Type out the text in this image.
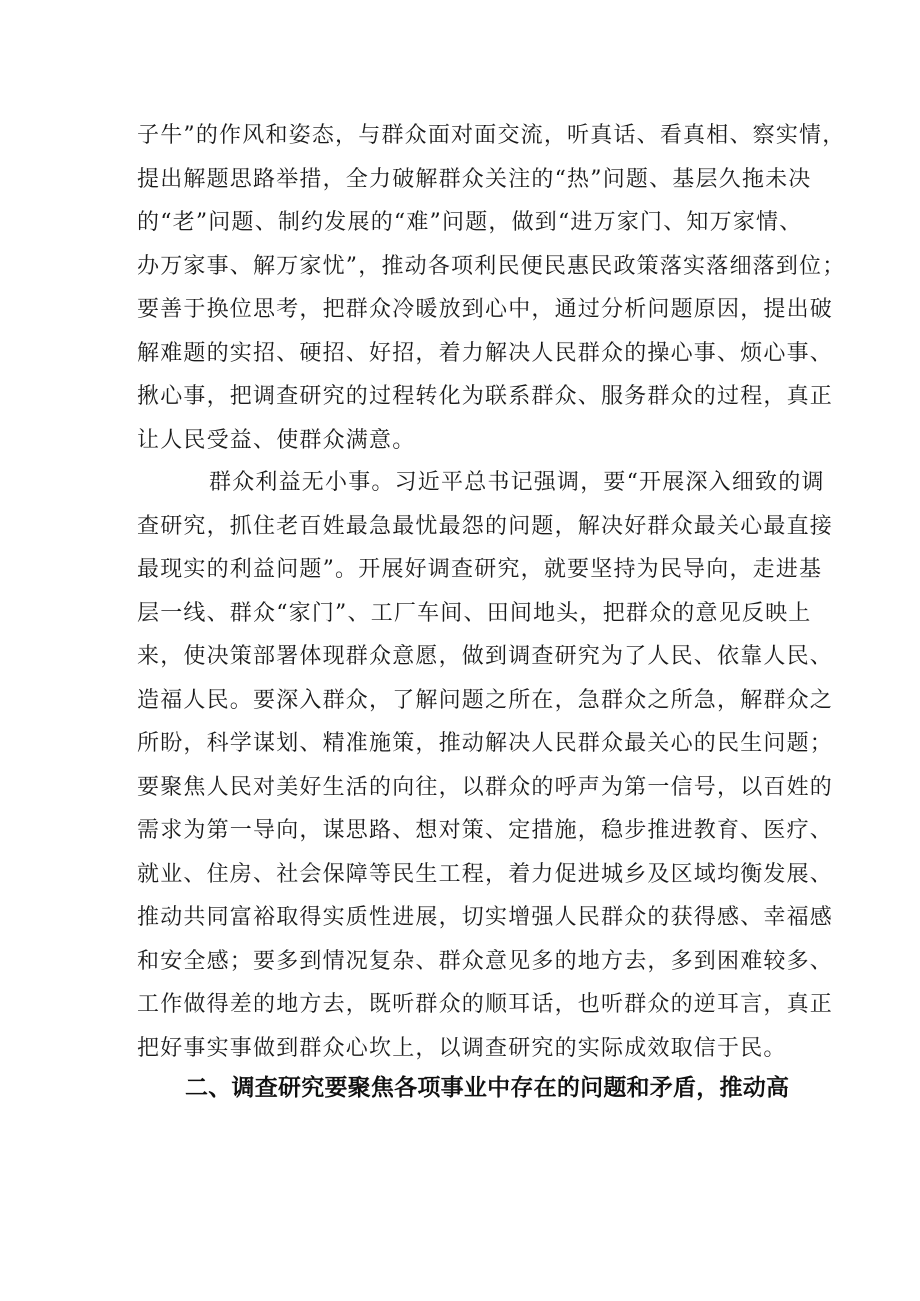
子牛”的作风和姿态，与群众面对面交流，听真话、看真相、察实情，
提出解题思路举措，全力破解群众关注的“热”问题、基层久拖未决
的“老”问题、制约发展的“难”问题，做到“进万家门、知万家情、
办万家事、解万家忧”，推动各项利民便民惠民政策落实落细落到位；
要善于换位思考，把群众冷暖放到心中，通过分析问题原因，提出破
解难题的实招、硬招、好招，着力解决人民群众的操心事、烦心事、
揪心事，把调查研究的过程转化为联系群众、服务群众的过程，真正
让人民受益、使群众满意。
群众利益无小事。习近平总书记强调，要“开展深入细致的调
查研究，抓住老百姓最急最忧最怨的问题，解决好群众最关心最直接
最现实的利益问题”。开展好调查研究，就要坚持为民导向，走进基
层一线、群众“家门”、工厂车间、田间地头，把群众的意见反映上
来，使决策部署体现群众意愿，做到调查研究为了人民、依靠人民、
造福人民。要深入群众，了解问题之所在，急群众之所急，解群众之
所盼，科学谋划、精准施策，推动解决人民群众最关心的民生问题；
要聚焦人民对美好生活的向往，以群众的呼声为第一信号，以百姓的
需求为第一导向，谋思路、想对策、定措施，稳步推进教育、医疗、
就业、住房、社会保障等民生工程，着力促进城乡及区域均衡发展、
推动共同富裕取得实质性进展，切实增强人民群众的获得感、幸福感
和安全感；要多到情况复杂、群众意见多的地方去，多到困难较多、
工作做得差的地方去，既听群众的顺耳话，也听群众的逆耳言，真正
把好事实事做到群众心坎上，以调查研究的实际成效取信于民。
二、调查研究要聚焦各项事业中存在的问题和矛盾，推动高
